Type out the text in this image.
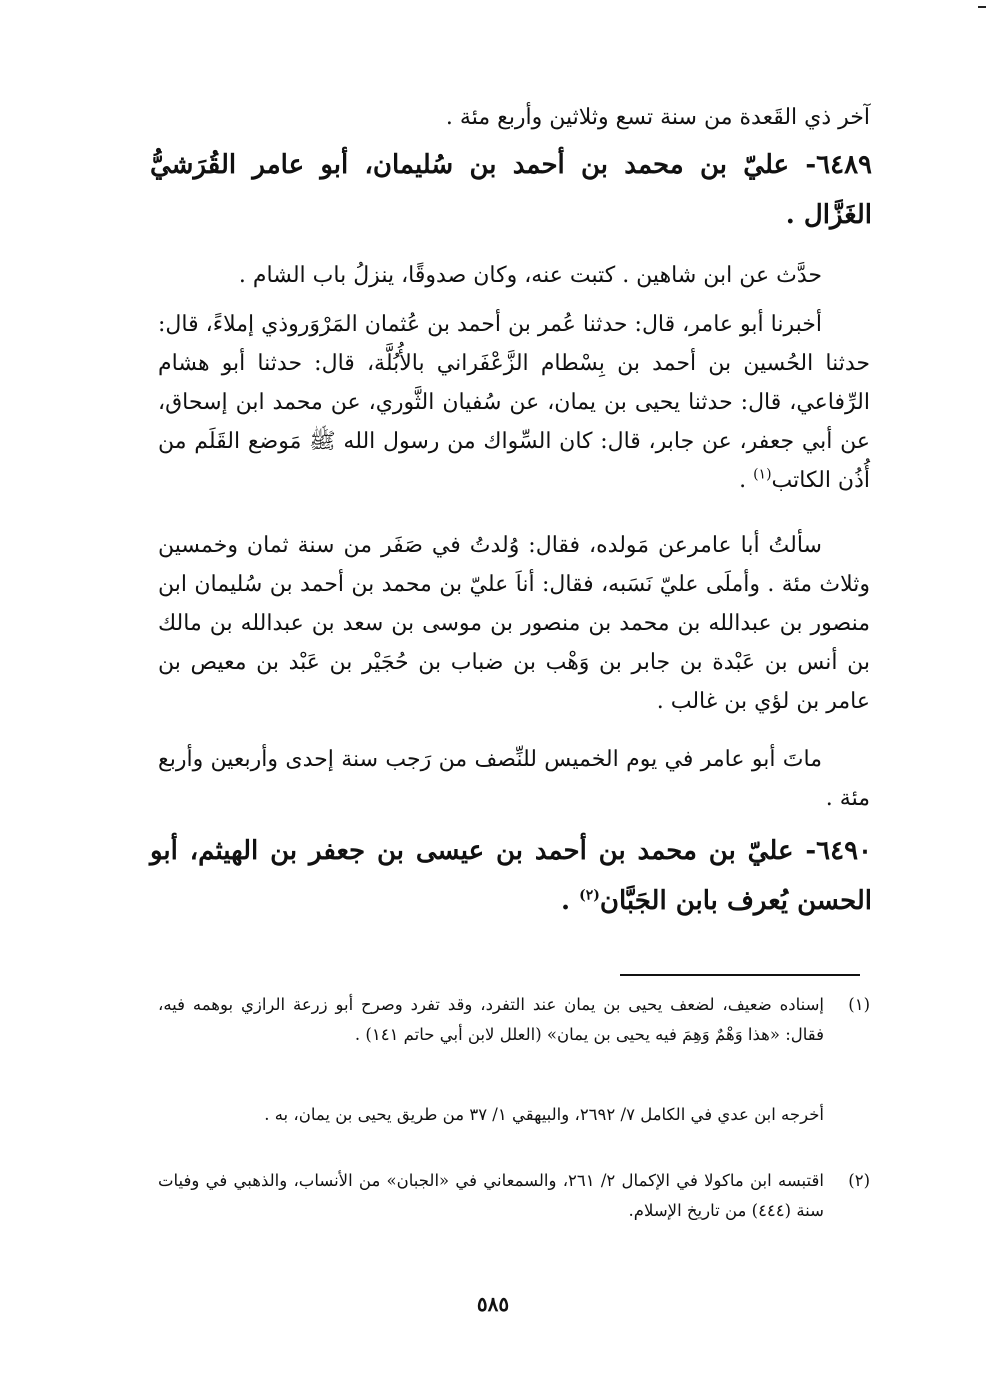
آخر ذي القَعدة من سنة تسع وثلاثين وأربع مئة .

٦٤٨٩- عليّ بن محمد بن أحمد بن سُليمان، أبو عامر القُرَشيُّ الغَزَّال .

حدَّث عن ابن شاهين . كتبت عنه، وكان صدوقًا، ينزلُ باب الشام .

أخبرنا أبو عامر، قال: حدثنا عُمر بن أحمد بن عُثمان المَرْوَروذي إملاءً، قال: حدثنا الحُسين بن أحمد بن بِسْطام الزَّعْفَراني بالأُبُلَّة، قال: حدثنا أبو هشام الرِّفاعي، قال: حدثنا يحيى بن يمان، عن سُفيان الثَّوري، عن محمد ابن إسحاق، عن أبي جعفر، عن جابر، قال: كان السِّواك من رسول الله ﷺ مَوضع القَلَم من أُذُن الكاتب$^{(١)}$ .

سألتُ أبا عامرعن مَولده، فقال: وُلدتُ في صَفَر من سنة ثمان وخمسين وثلاث مئة . وأملَى عليّ نَسَبه، فقال: أناَ عليّ بن محمد بن أحمد بن سُليمان ابن منصور بن عبدالله بن محمد بن منصور بن موسى بن سعد بن عبدالله بن مالك بن أنس بن عَبْدة بن جابر بن وَهْب بن ضباب بن حُجَيْر بن عَبْد بن معيص بن عامر بن لؤي بن غالب .

ماتَ أبو عامر في يوم الخميس للنِّصف من رَجب سنة إحدى وأربعين وأربع مئة .

٦٤٩٠- عليّ بن محمد بن أحمد بن عيسى بن جعفر بن الهيثم، أبو الحسن يُعرف بابن الجَبَّان$^{(٢)}$ .

(١)
إسناده ضعيف، لضعف يحيى بن يمان عند التفرد، وقد تفرد وصرح أبو زرعة الرازي بوهمه فيه، فقال: «هذا وَهْمٌ وَهِمَ فيه يحيى بن يمان» (العلل لابن أبي حاتم ١٤١) .

أخرجه ابن عدي في الكامل ٧/ ٢٦٩٢، والبيهقي ١/ ٣٧ من طريق يحيى بن يمان، به .

(٢)
اقتبسه ابن ماكولا في الإكمال ٢/ ٢٦١، والسمعاني في «الجبان» من الأنساب، والذهبي في وفيات سنة (٤٤٤) من تاريخ الإسلام.
٥٨٥
